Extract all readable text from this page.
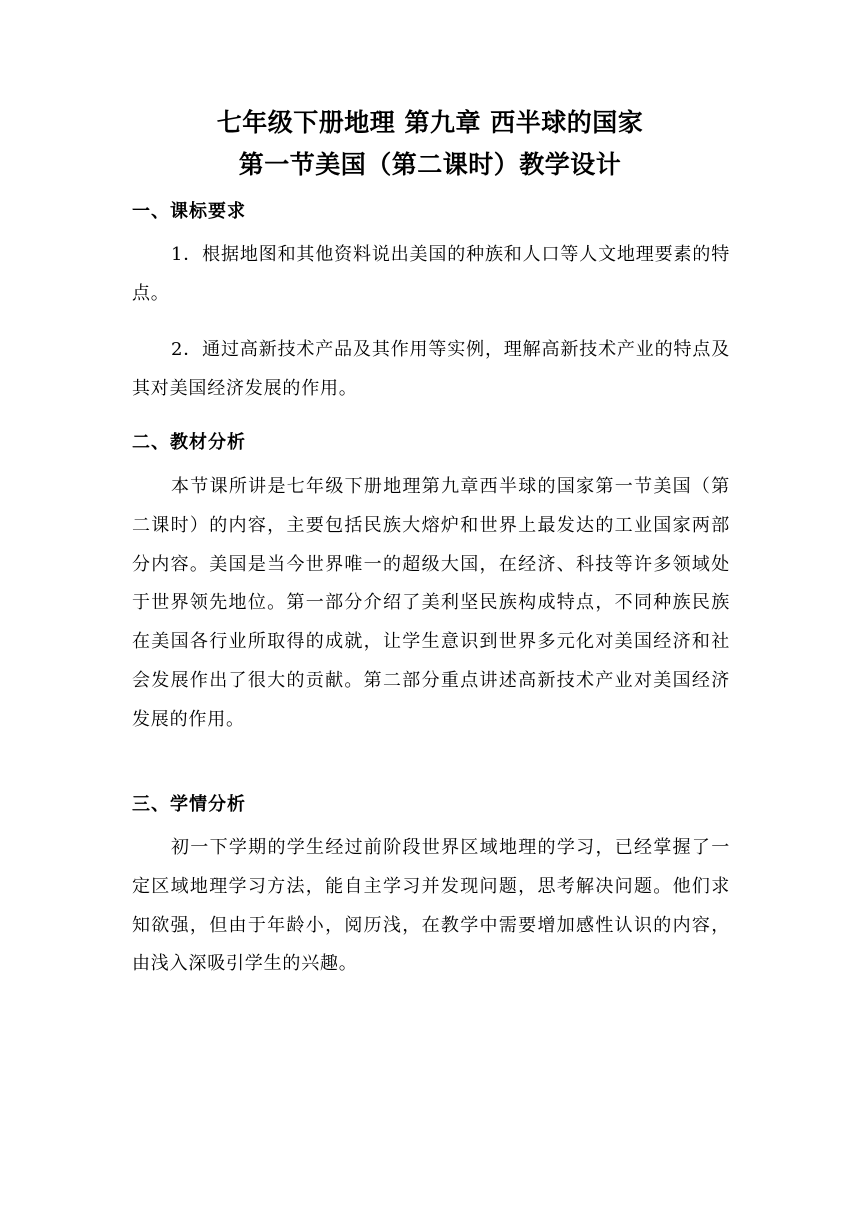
七年级下册地理 第九章 西半球的国家
第一节美国（第二课时）教学设计
一、课标要求
1．根据地图和其他资料说出美国的种族和人口等人文地理要素的特点。
2．通过高新技术产品及其作用等实例，理解高新技术产业的特点及其对美国经济发展的作用。
二、教材分析
本节课所讲是七年级下册地理第九章西半球的国家第一节美国（第二课时）的内容，主要包括民族大熔炉和世界上最发达的工业国家两部分内容。美国是当今世界唯一的超级大国，在经济、科技等许多领域处于世界领先地位。第一部分介绍了美利坚民族构成特点，不同种族民族在美国各行业所取得的成就，让学生意识到世界多元化对美国经济和社会发展作出了很大的贡献。第二部分重点讲述高新技术产业对美国经济发展的作用。
三、学情分析
初一下学期的学生经过前阶段世界区域地理的学习，已经掌握了一定区域地理学习方法，能自主学习并发现问题，思考解决问题。他们求知欲强，但由于年龄小，阅历浅，在教学中需要增加感性认识的内容，由浅入深吸引学生的兴趣。
